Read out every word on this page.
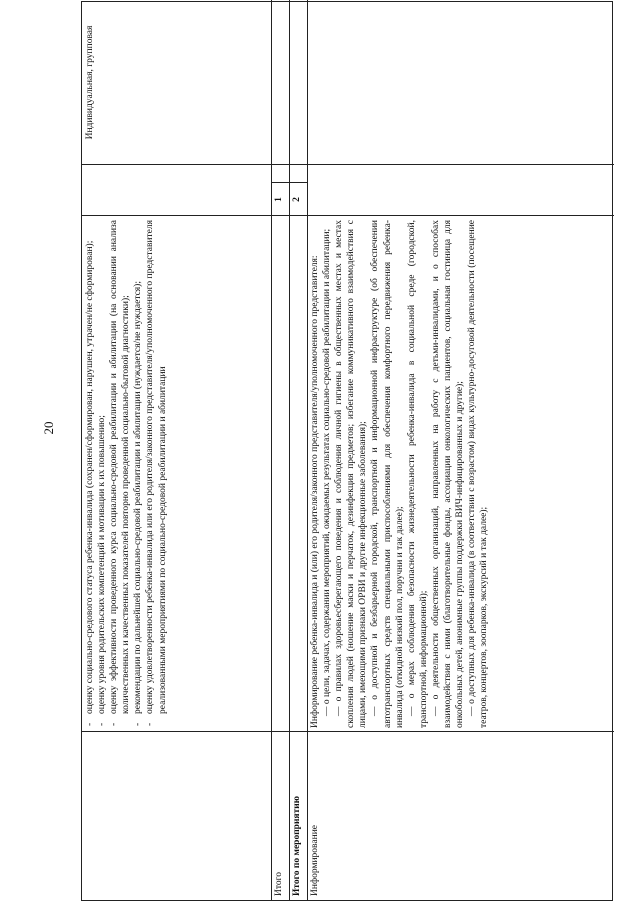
20
-
оценку социально-средового статуса ребенка-инвалида (сохранен/сформирован, нарушен, утрачен/не сформирован);
-
оценку уровня родительских компетенций и мотивации к их повышению;
-
оценку эффективности проведенного курса социально-средовой реабилитации и абилитации (на основании анализа количественных и качественных показателей повторно проведенной социально-бытовой диагностики);
-
рекомендации по дальнейшей социально-средовой реабилитации и абилитации (нуждается/не нуждается);
-
оценку удовлетворенности ребенка-инвалида или его родителя/законного представителя/уполномоченного представителя реализованными мероприятиями по социально-средовой реабилитации и абилитации
Итого
1
Итого по мероприятию
2
Информирование

Информирование ребенка-инвалида и (или) его родителя/законного представителя/уполномоченного представителя: — о цели, задачах, содержании мероприятий, ожидаемых результатах социально-средовой реабилитации и абилитации; — о правилах здоровьесберегающего поведения и соблюдения личной гигиены в общественных местах и местах скопления людей (ношение маски и перчаток, дезинфекция предметов; избегание коммуникативного взаимодействия с лицами, имеющими признаки ОРВИ и другие инфекционные заболевания); — о доступной и безбарьерной городской, транспортной и информационной инфраструктуре (об обеспечении автотранспортных средств специальными приспособлениями для обеспечения комфортного передвижения ребенка-инвалида (откидной низкий пол, поручни и так далее); — о мерах соблюдения безопасности жизнедеятельности ребенка-инвалида в социальной среде (городской, транспортной, информационной); — о деятельности общественных организаций, направленных на работу с детьми-инвалидами, и о способах взаимодействия с ними (благотворительные фонды, ассоциации онкологических пациентов, социальная гостиница для онкобольных детей, анонимные группы поддержки ВИЧ-инфицированных и другие); — о доступных для ребенка-инвалида (в соответствии с возрастом) видах культурно-досуговой деятельности (посещение театров, концертов, зоопарков, экскурсий и так далее);

Индивидуальная, групповая
